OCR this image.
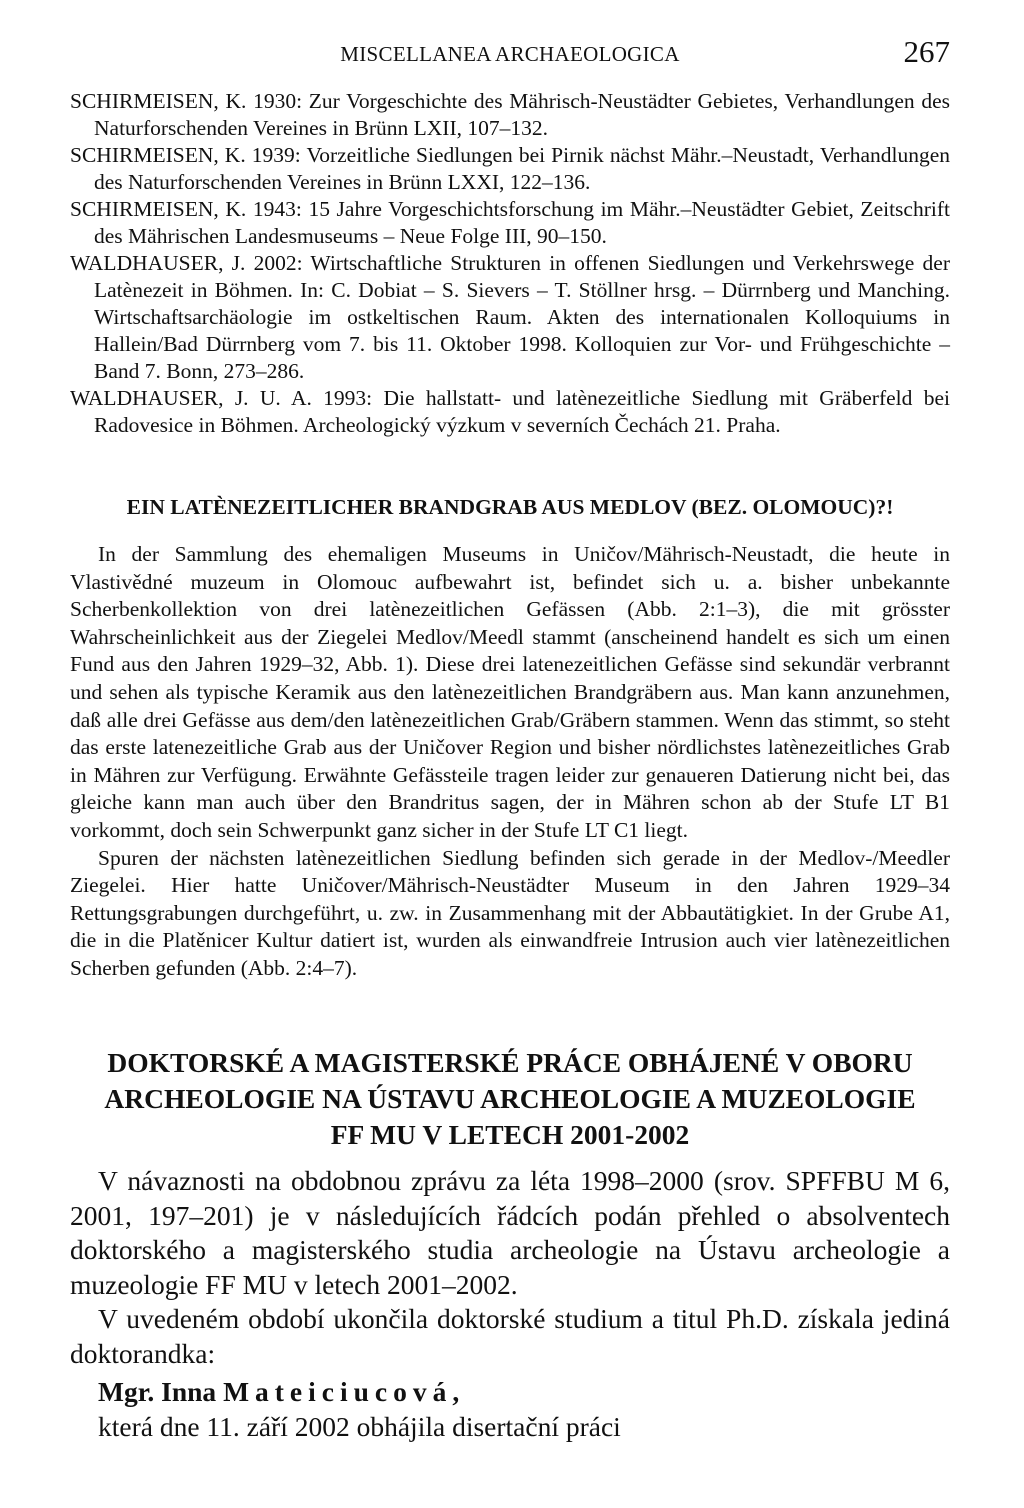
MISCELLANEA ARCHAEOLOGICA	267

SCHIRMEISEN, K. 1930: Zur Vorgeschichte des Mährisch-Neustädter Gebietes, Verhandlungen des Naturforschenden Vereines in Brünn LXII, 107–132.

SCHIRMEISEN, K. 1939: Vorzeitliche Siedlungen bei Pirnik nächst Mähr.–Neustadt, Verhandlungen des Naturforschenden Vereines in Brünn LXXI, 122–136.

SCHIRMEISEN, K. 1943: 15 Jahre Vorgeschichtsforschung im Mähr.–Neustädter Gebiet, Zeitschrift des Mährischen Landesmuseums – Neue Folge III, 90–150.

WALDHAUSER, J. 2002: Wirtschaftliche Strukturen in offenen Siedlungen und Verkehrswege der Latènezeit in Böhmen. In: C. Dobiat – S. Sievers – T. Stöllner hrsg. – Dürrnberg und Manching. Wirtschaftsarchäologie im ostkeltischen Raum. Akten des internationalen Kolloquiums in Hallein/Bad Dürrnberg vom 7. bis 11. Oktober 1998. Kolloquien zur Vor- und Frühgeschichte – Band 7. Bonn, 273–286.

WALDHAUSER, J. U. A. 1993: Die hallstatt- und latènezeitliche Siedlung mit Gräberfeld bei Radovesice in Böhmen. Archeologický výzkum v severních Čechách 21. Praha.

EIN LATÈNEZEITLICHER BRANDGRAB AUS MEDLOV (BEZ. OLOMOUC)?!

In der Sammlung des ehemaligen Museums in Uničov/Mährisch-Neustadt, die heute in Vlastivědné muzeum in Olomouc aufbewahrt ist, befindet sich u. a. bisher unbekannte Scherbenkollektion von drei latènezeitlichen Gefässen (Abb. 2:1–3), die mit grösster Wahrscheinlichkeit aus der Ziegelei Medlov/Meedl stammt (anscheinend handelt es sich um einen Fund aus den Jahren 1929–32, Abb. 1). Diese drei latenezeitlichen Gefässe sind sekundär verbrannt und sehen als typische Keramik aus den latènezeitlichen Brandgräbern aus. Man kann anzunehmen, daß alle drei Gefässe aus dem/den latènezeitlichen Grab/Gräbern stammen. Wenn das stimmt, so steht das erste latenezeitliche Grab aus der Uničover Region und bisher nördlichstes latènezeitliches Grab in Mähren zur Verfügung. Erwähnte Gefässteile tragen leider zur genaueren Datierung nicht bei, das gleiche kann man auch über den Brandritus sagen, der in Mähren schon ab der Stufe LT B1 vorkommt, doch sein Schwerpunkt ganz sicher in der Stufe LT C1 liegt.

Spuren der nächsten latènezeitlichen Siedlung befinden sich gerade in der Medlov-/Meedler Ziegelei. Hier hatte Uničover/Mährisch-Neustädter Museum in den Jahren 1929–34 Rettungsgrabungen durchgeführt, u. zw. in Zusammenhang mit der Abbautätigkiet. In der Grube A1, die in die Platěnicer Kultur datiert ist, wurden als einwandfreie Intrusion auch vier latènezeitlichen Scherben gefunden (Abb. 2:4–7).

DOKTORSKÉ A MAGISTERSKÉ PRÁCE OBHÁJENÉ V OBORU
ARCHEOLOGIE NA ÚSTAVU ARCHEOLOGIE A MUZEOLOGIE
FF MU V LETECH 2001-2002

V návaznosti na obdobnou zprávu za léta 1998–2000 (srov. SPFFBU M 6, 2001, 197–201) je v následujících řádcích podán přehled o absolventech doktorského a magisterského studia archeologie na Ústavu archeologie a muzeologie FF MU v letech 2001–2002.

V uvedeném období ukončila doktorské studium a titul Ph.D. získala jediná doktorandka:

Mgr. Inna Mateiciucová,

která dne 11. září 2002 obhájila disertační práci
